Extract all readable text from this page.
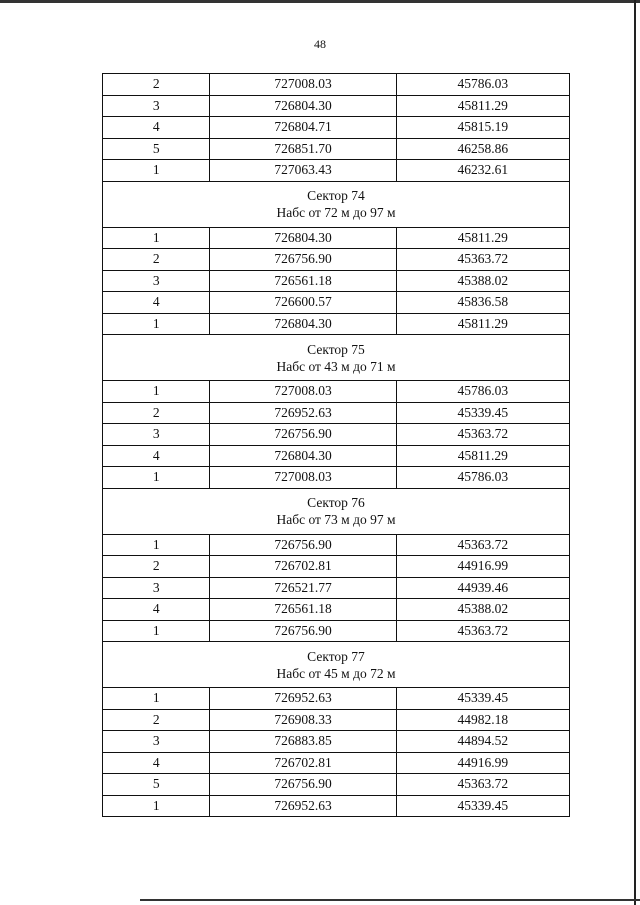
48
2	727008.03	45786.03
3	726804.30	45811.29
4	726804.71	45815.19
5	726851.70	46258.86
1	727063.43	46232.61

Сектор 74
Набс от 72 м до 97 м		

1	726804.30	45811.29
2	726756.90	45363.72
3	726561.18	45388.02
4	726600.57	45836.58
1	726804.30	45811.29

Сектор 75
Набс от 43 м до 71 м		

1	727008.03	45786.03
2	726952.63	45339.45
3	726756.90	45363.72
4	726804.30	45811.29
1	727008.03	45786.03

Сектор 76
Набс от 73 м до 97 м		

1	726756.90	45363.72
2	726702.81	44916.99
3	726521.77	44939.46
4	726561.18	45388.02
1	726756.90	45363.72

Сектор 77
Набс от 45 м до 72 м		

1	726952.63	45339.45
2	726908.33	44982.18
3	726883.85	44894.52
4	726702.81	44916.99
5	726756.90	45363.72
1	726952.63	45339.45
